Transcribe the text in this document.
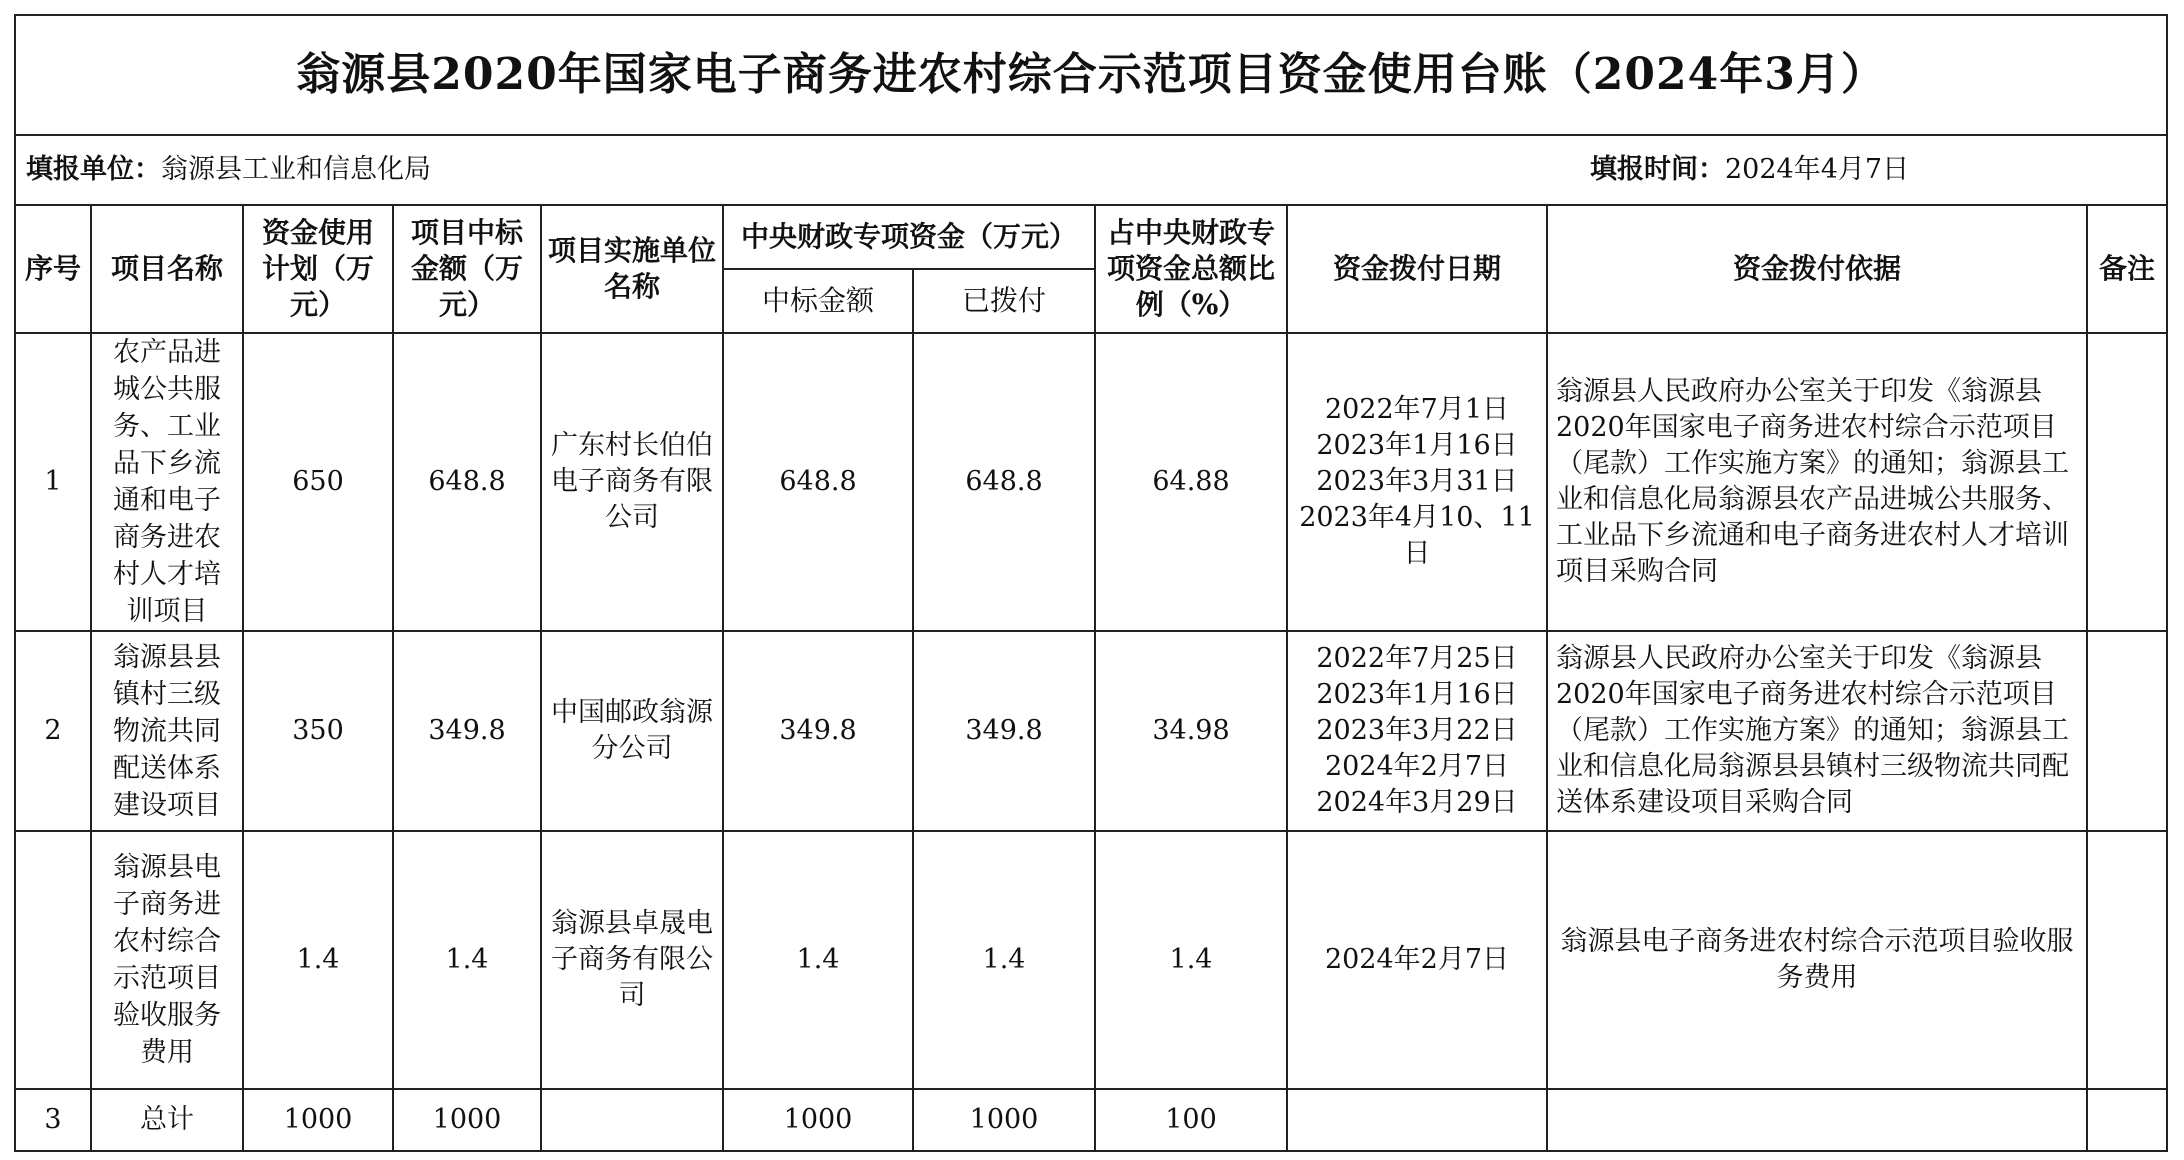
翁源县2020年国家电子商务进农村综合示范项目资金使用台账（2024年3月）										

填报单位：翁源县工业和信息化局 填报时间：2024年4月7日										

序号	项目名称	资金使用计划（万元）	项目中标金额（万元）	项目实施单位名称	中央财政专项资金（万元）		占中央财政专项资金总额比例（%）	资金拨付日期	资金拨付依据	备注
					中标金额	已拨付				
1	农产品进城公共服务、工业品下乡流通和电子商务进农村人才培训项目	650	648.8	广东村长伯伯电子商务有限公司	648.8	648.8	64.88	2022年7月1日
2023年1月16日
2023年3月31日
2023年4月10、11日	翁源县人民政府办公室关于印发《翁源县2020年国家电子商务进农村综合示范项目（尾款）工作实施方案》的通知；翁源县工业和信息化局翁源县农产品进城公共服务、工业品下乡流通和电子商务进农村人才培训项目采购合同	
2	翁源县县镇村三级物流共同配送体系建设项目	350	349.8	中国邮政翁源分公司	349.8	349.8	34.98	2022年7月25日
2023年1月16日
2023年3月22日
2024年2月7日
2024年3月29日	翁源县人民政府办公室关于印发《翁源县2020年国家电子商务进农村综合示范项目（尾款）工作实施方案》的通知；翁源县工业和信息化局翁源县县镇村三级物流共同配送体系建设项目采购合同	
	翁源县电子商务进农村综合示范项目验收服务费用	1.4	1.4	翁源县卓晟电子商务有限公司	1.4	1.4	1.4	2024年2月7日	翁源县电子商务进农村综合示范项目验收服务费用	
3	总计	1000	1000		1000	1000	100			
